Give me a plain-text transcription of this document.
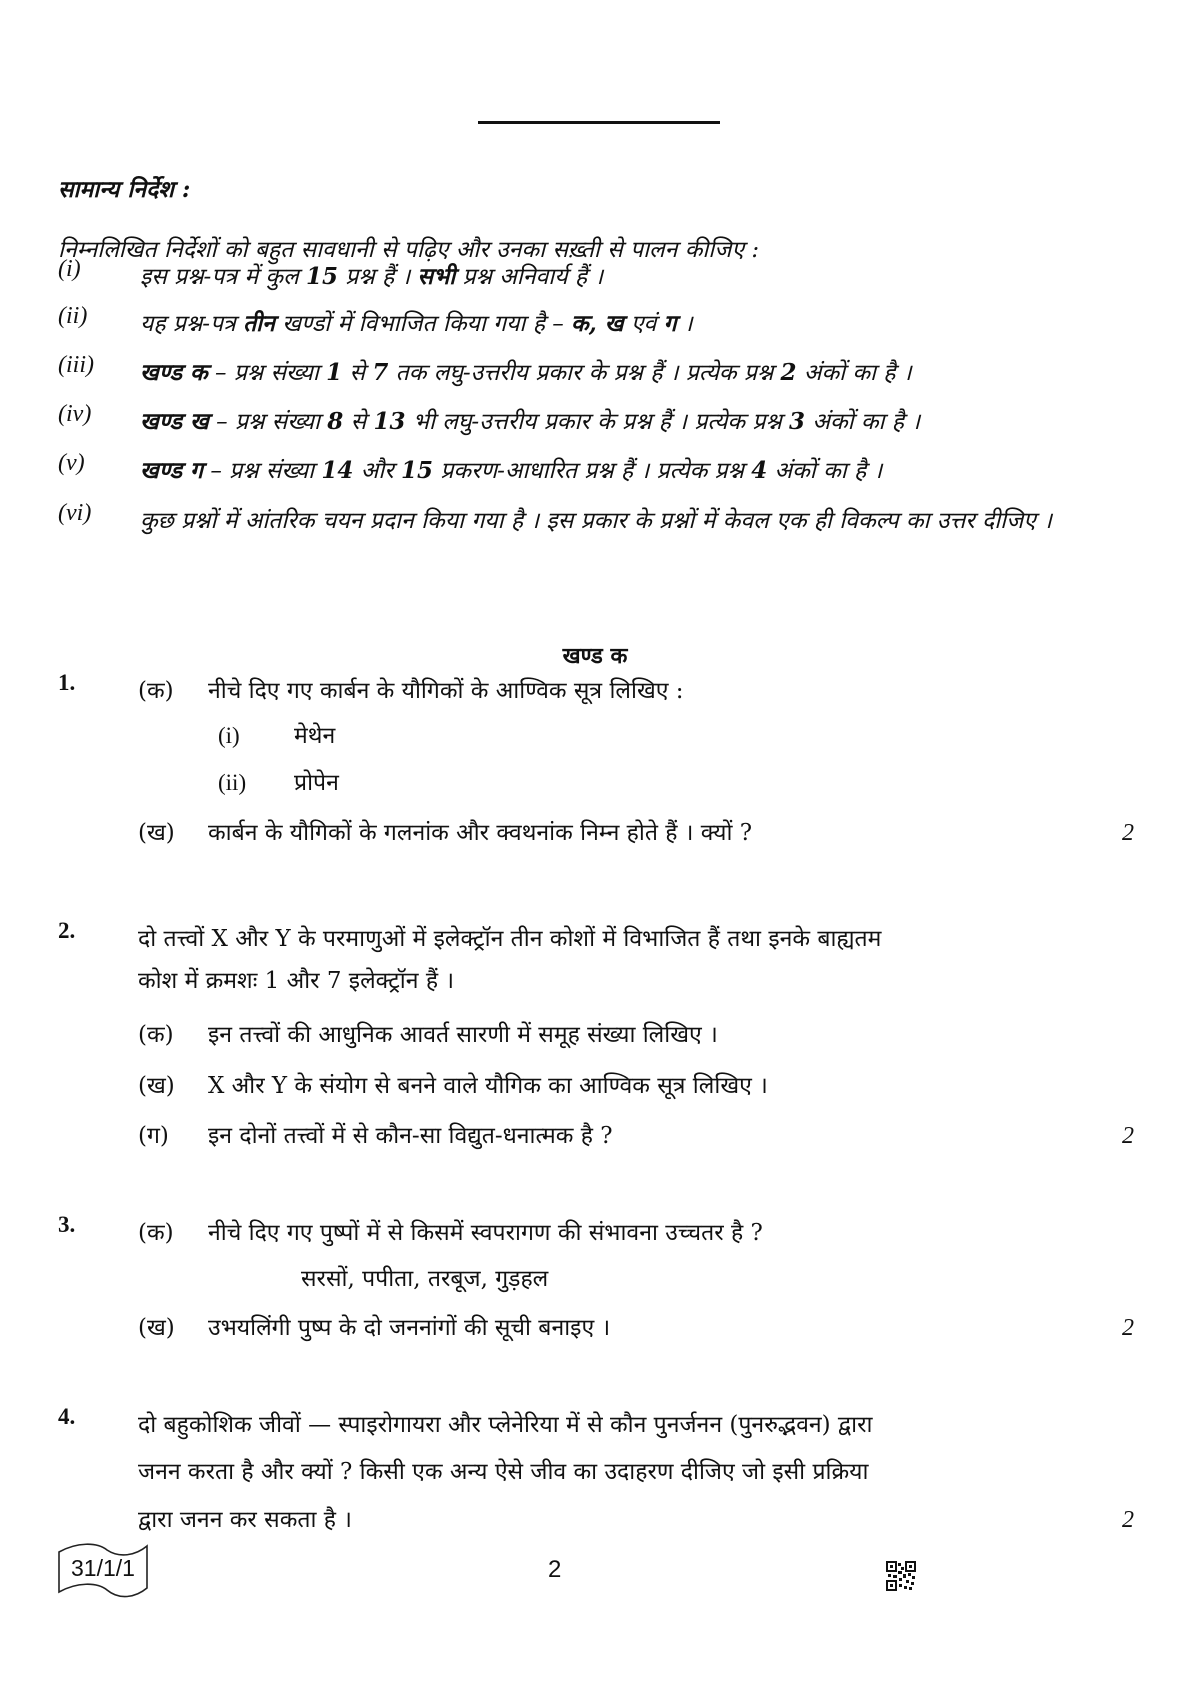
सामान्य निर्देश :
निम्नलिखित निर्देशों को बहुत सावधानी से पढ़िए और उनका सख़्ती से पालन कीजिए :
(i)	इस प्रश्न-पत्र में कुल 15 प्रश्न हैं । सभी प्रश्न अनिवार्य हैं ।
(ii)	यह प्रश्न-पत्र तीन खण्डों में विभाजित किया गया है – क, ख एवं ग ।
(iii)	खण्ड क – प्रश्न संख्या 1 से 7 तक लघु-उत्तरीय प्रकार के प्रश्न हैं । प्रत्येक प्रश्न 2 अंकों का है ।
(iv)	खण्ड ख – प्रश्न संख्या 8 से 13 भी लघु-उत्तरीय प्रकार के प्रश्न हैं । प्रत्येक प्रश्न 3 अंकों का है ।
(v)	खण्ड ग – प्रश्न संख्या 14 और 15 प्रकरण-आधारित प्रश्न हैं । प्रत्येक प्रश्न 4 अंकों का है ।
(vi)	कुछ प्रश्नों में आंतरिक चयन प्रदान किया गया है । इस प्रकार के प्रश्नों में केवल एक ही विकल्प का उत्तर दीजिए ।
खण्ड क
1.	(क)	नीचे दिए गए कार्बन के यौगिकों के आण्विक सूत्र लिखिए :
(i)	मेथेन
(ii)	प्रोपेन
(ख)	कार्बन के यौगिकों के गलनांक और क्वथनांक निम्न होते हैं । क्यों ?	2
2.	दो तत्त्वों X और Y के परमाणुओं में इलेक्ट्रॉन तीन कोशों में विभाजित हैं तथा इनके बाह्यतम
कोश में क्रमशः 1 और 7 इलेक्ट्रॉन हैं ।
(क)	इन तत्त्वों की आधुनिक आवर्त सारणी में समूह संख्या लिखिए ।
(ख)	X और Y के संयोग से बनने वाले यौगिक का आण्विक सूत्र लिखिए ।
(ग)	इन दोनों तत्त्वों में से कौन-सा विद्युत-धनात्मक है ?	2
3.	(क)	नीचे दिए गए पुष्पों में से किसमें स्वपरागण की संभावना उच्चतर है ?
सरसों, पपीता, तरबूज, गुड़हल
(ख)	उभयलिंगी पुष्प के दो जननांगों की सूची बनाइए ।	2
4.	दो बहुकोशिक जीवों — स्पाइरोगायरा और प्लेनेरिया में से कौन पुनर्जनन (पुनरुद्भवन) द्वारा
जनन करता है और क्यों ? किसी एक अन्य ऐसे जीव का उदाहरण दीजिए जो इसी प्रक्रिया
द्वारा जनन कर सकता है ।	2
31/1/1	2
